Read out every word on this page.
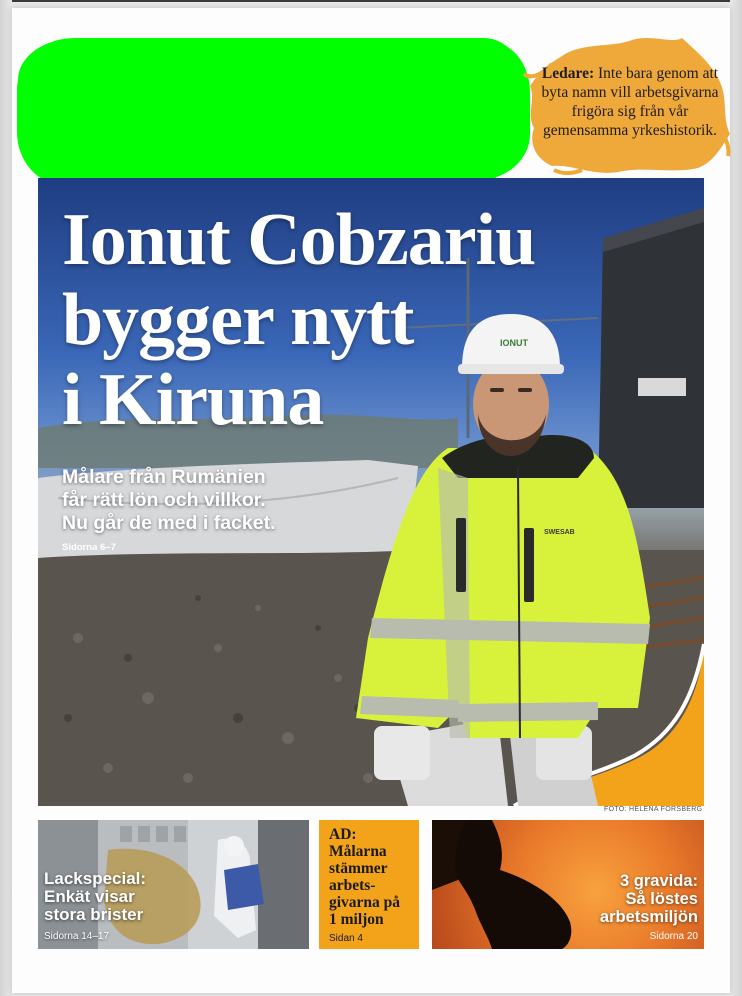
Ledare: Inte bara genom att byta namn vill arbetsgivarna frigöra sig från vår gemensamma yrkeshistorik.
IONUT
SWESAB
Ionut Cobzariu
bygger nytt
i Kiruna
Målare från Rumänien
får rätt lön och villkor.
Nu går de med i facket.
Sidorna 6–7
FOTO: HELENA FORSBERG
Lackspecial:
Enkät visar
stora brister
Sidorna 14–17
AD:
Målarna
stämmer
arbets-
givarna på
1 miljon
Sidan 4
3 gravida:
Så löstes
arbetsmiljön
Sidorna 20
